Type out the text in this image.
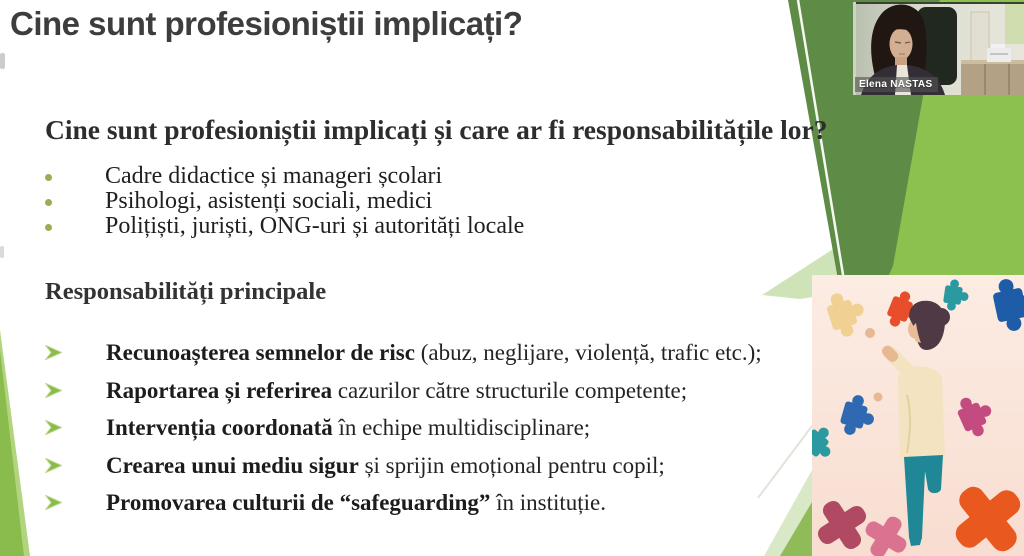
Elena NASTAS
Cine sunt profesioniștii implicați?
Cine sunt profesioniștii implicați și care ar fi responsabilitățile lor?
Cadre didactice și manageri școlari
Psihologi, asistenți sociali, medici
Polițiști, juriști, ONG-uri și autorități locale
Responsabilități principale
Recunoașterea semnelor de risc (abuz, neglijare, violență, trafic etc.);
Raportarea și referirea cazurilor către structurile competente;
Intervenția coordonată în echipe multidisciplinare;
Crearea unui mediu sigur și sprijin emoțional pentru copil;
Promovarea culturii de “safeguarding” în instituție.
